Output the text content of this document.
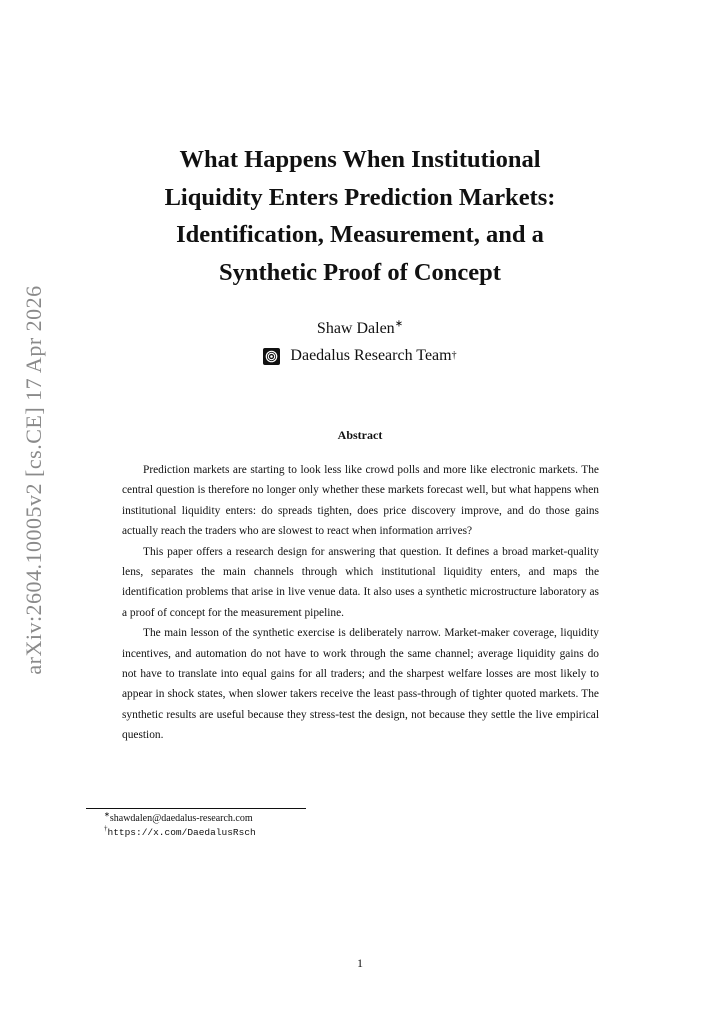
arXiv:2604.10005v2 [cs.CE] 17 Apr 2026
What Happens When Institutional
Liquidity Enters Prediction Markets:
Identification, Measurement, and a
Synthetic Proof of Concept
Shaw Dalen∗
Daedalus Research Team †
Abstract

Prediction markets are starting to look less like crowd polls and more like electronic markets. The central question is therefore no longer only whether these markets forecast well, but what happens when institutional liquidity enters: do spreads tighten, does price discovery improve, and do those gains actually reach the traders who are slowest to react when information arrives?

This paper offers a research design for answering that question. It defines a broad market-quality lens, separates the main channels through which institutional liquidity enters, and maps the identification problems that arise in live venue data. It also uses a synthetic microstructure laboratory as a proof of concept for the measurement pipeline.

The main lesson of the synthetic exercise is deliberately narrow. Market-maker coverage, liquidity incentives, and automation do not have to work through the same channel; average liquidity gains do not have to translate into equal gains for all traders; and the sharpest welfare losses are most likely to appear in shock states, when slower takers receive the least pass-through of tighter quoted markets. The synthetic results are useful because they stress-test the design, not because they settle the live empirical question.

∗shawdalen@daedalus-research.com
†https://x.com/DaedalusRsch
1
